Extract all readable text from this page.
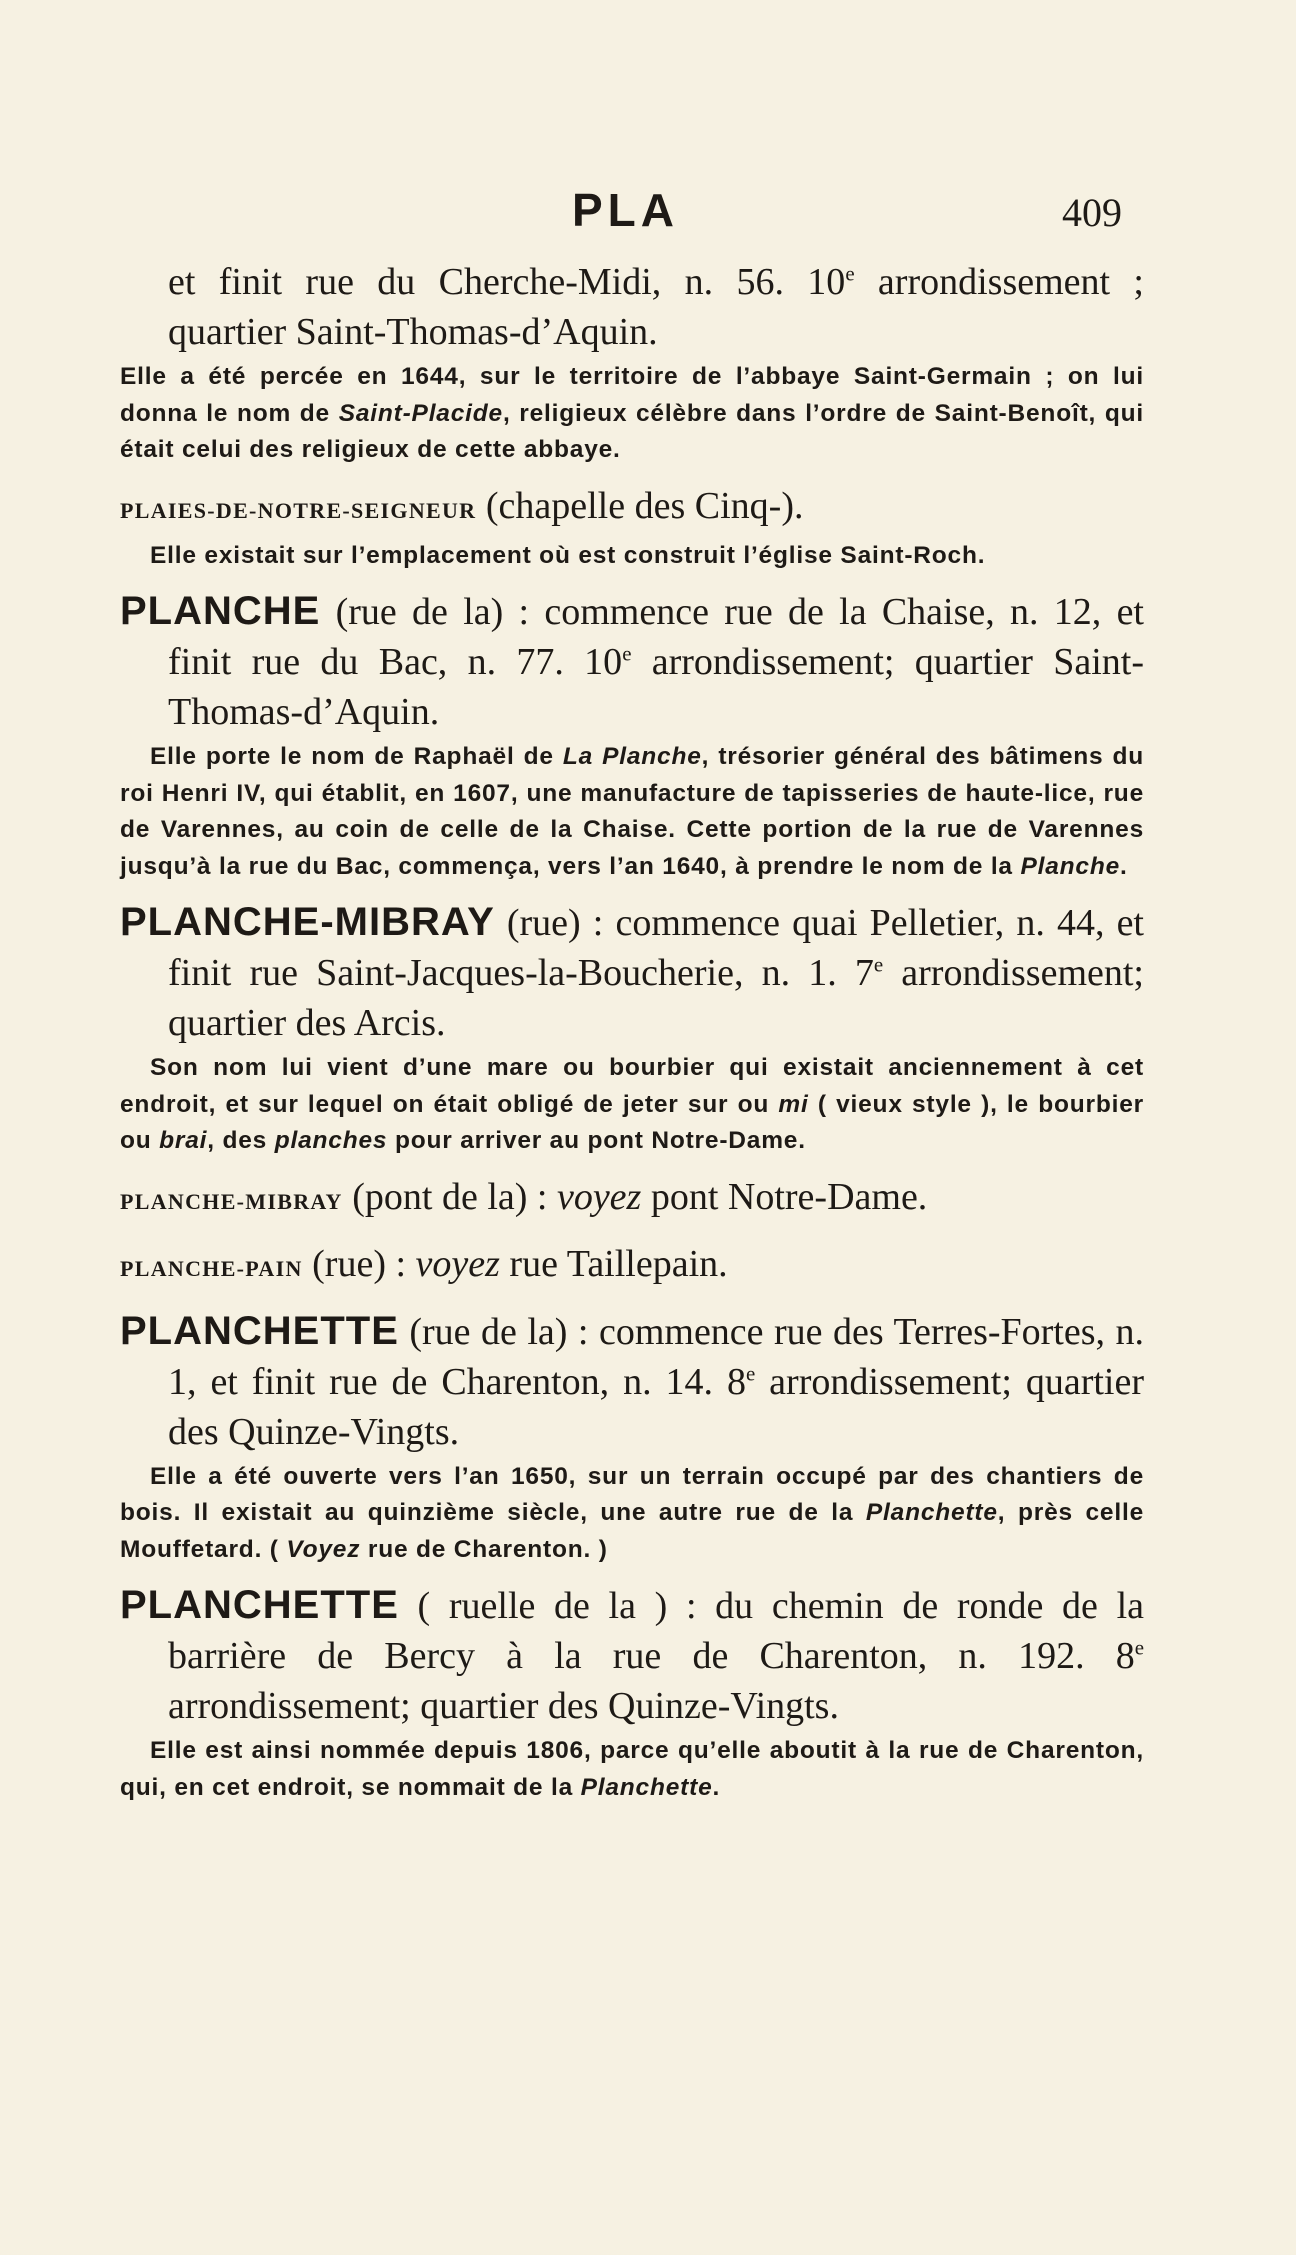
PLA	409
et finit rue du Cherche-Midi, n. 56. 10e arrondissement ; quartier Saint-Thomas-d’Aquin.
Elle a été percée en 1644, sur le territoire de l’abbaye Saint-Germain ; on lui donna le nom de Saint-Placide, religieux célèbre dans l’ordre de Saint-Benoît, qui était celui des religieux de cette abbaye.
PLAIES-DE-NOTRE-SEIGNEUR (chapelle des Cinq-).
Elle existait sur l’emplacement où est construit l’église Saint-Roch.
PLANCHE (rue de la) : commence rue de la Chaise, n. 12, et finit rue du Bac, n. 77. 10e arrondissement; quartier Saint-Thomas-d’Aquin.
Elle porte le nom de Raphaël de La Planche, trésorier général des bâtimens du roi Henri IV, qui établit, en 1607, une manufacture de tapisseries de haute-lice, rue de Varennes, au coin de celle de la Chaise. Cette portion de la rue de Varennes jusqu’à la rue du Bac, commença, vers l’an 1640, à prendre le nom de la Planche.
PLANCHE-MIBRAY (rue) : commence quai Pelletier, n. 44, et finit rue Saint-Jacques-la-Boucherie, n. 1. 7e arrondissement; quartier des Arcis.
Son nom lui vient d’une mare ou bourbier qui existait anciennement à cet endroit, et sur lequel on était obligé de jeter sur ou mi ( vieux style ), le bourbier ou brai, des planches pour arriver au pont Notre-Dame.
PLANCHE-MIBRAY (pont de la) : voyez pont Notre-Dame.
PLANCHE-PAIN (rue) : voyez rue Taillepain.
PLANCHETTE (rue de la) : commence rue des Terres-Fortes, n. 1, et finit rue de Charenton, n. 14. 8e arrondissement; quartier des Quinze-Vingts.
Elle a été ouverte vers l’an 1650, sur un terrain occupé par des chantiers de bois. Il existait au quinzième siècle, une autre rue de la Planchette, près celle Mouffetard. ( Voyez rue de Charenton. )
PLANCHETTE ( ruelle de la ) : du chemin de ronde de la barrière de Bercy à la rue de Charenton, n. 192. 8e arrondissement; quartier des Quinze-Vingts.
Elle est ainsi nommée depuis 1806, parce qu’elle aboutit à la rue de Charenton, qui, en cet endroit, se nommait de la Planchette.
